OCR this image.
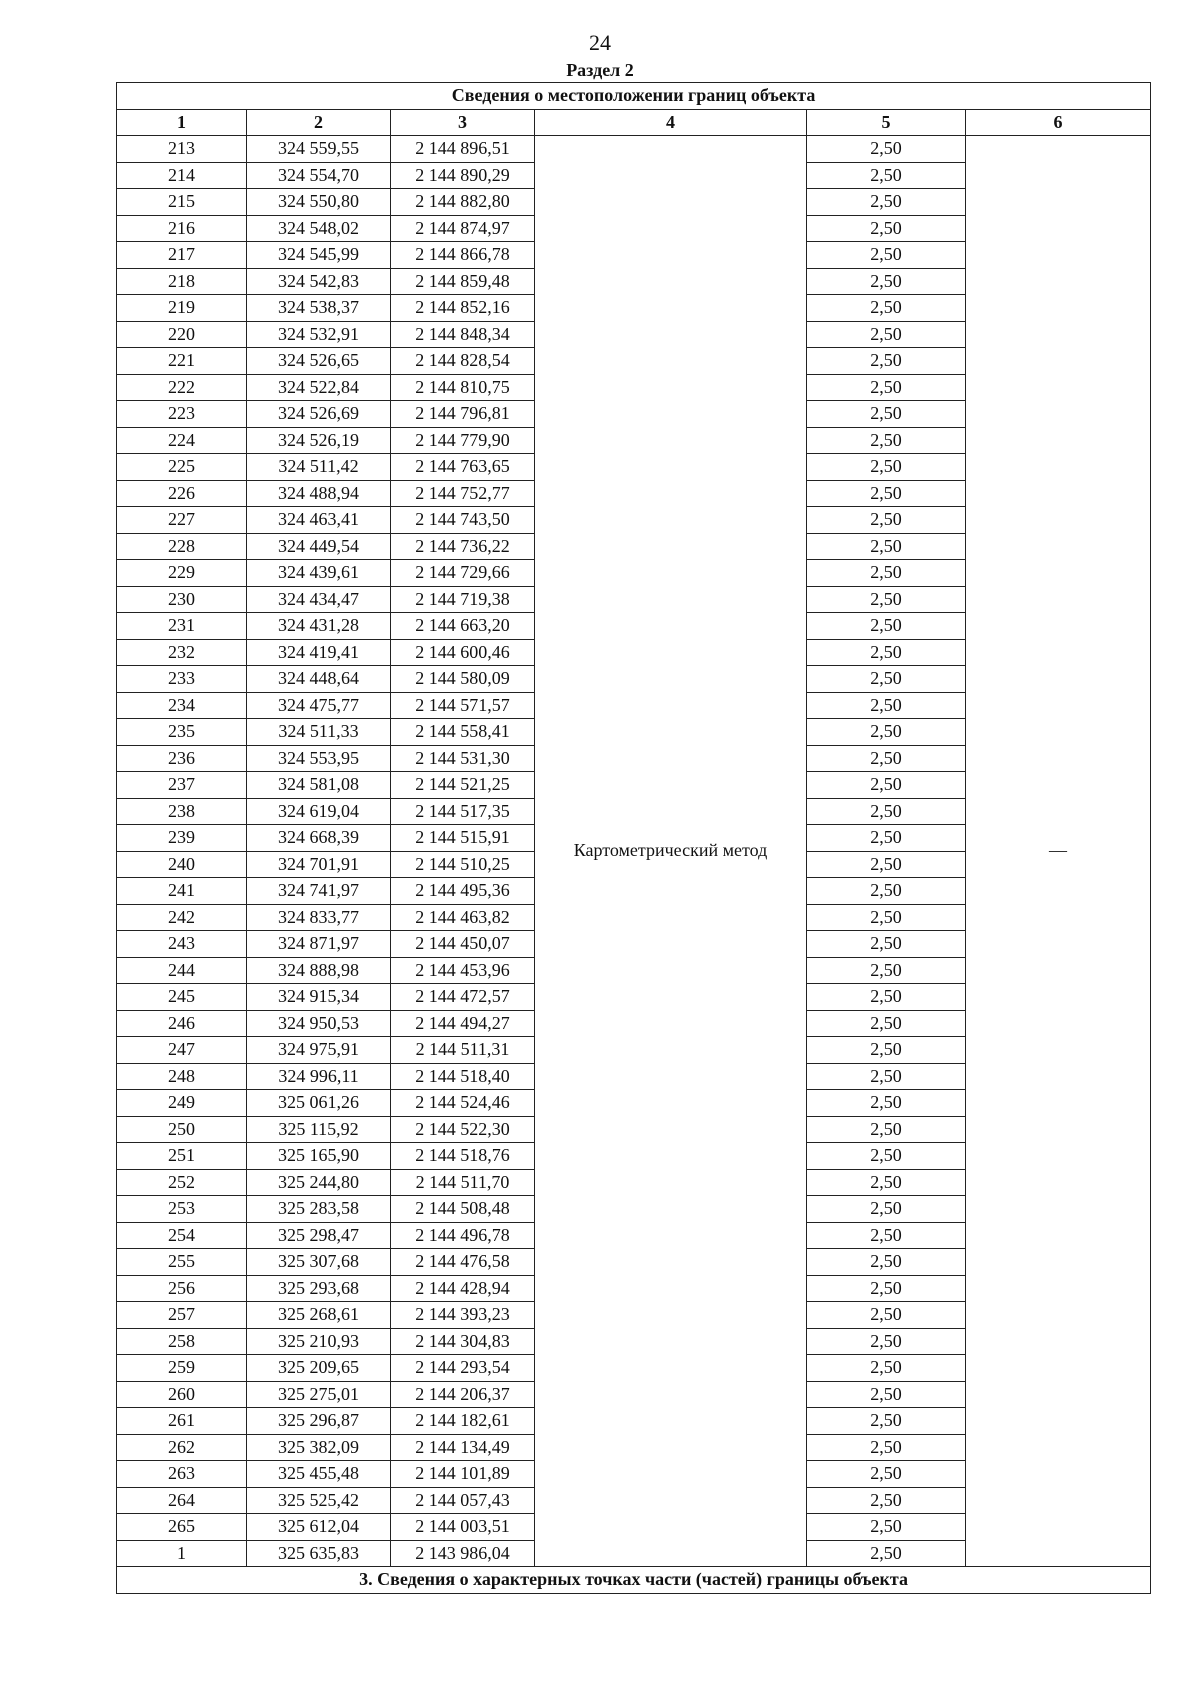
24
Раздел 2
Сведения о местоположении границ объекта					
1	2	3	4	5	6
213	324 559,55	2 144 896,51	Картометрический метод	2,50	—
214	324 554,70	2 144 890,29		2,50	
215	324 550,80	2 144 882,80		2,50	
216	324 548,02	2 144 874,97		2,50	
217	324 545,99	2 144 866,78		2,50	
218	324 542,83	2 144 859,48		2,50	
219	324 538,37	2 144 852,16		2,50	
220	324 532,91	2 144 848,34		2,50	
221	324 526,65	2 144 828,54		2,50	
222	324 522,84	2 144 810,75		2,50	
223	324 526,69	2 144 796,81		2,50	
224	324 526,19	2 144 779,90		2,50	
225	324 511,42	2 144 763,65		2,50	
226	324 488,94	2 144 752,77		2,50	
227	324 463,41	2 144 743,50		2,50	
228	324 449,54	2 144 736,22		2,50	
229	324 439,61	2 144 729,66		2,50	
230	324 434,47	2 144 719,38		2,50	
231	324 431,28	2 144 663,20		2,50	
232	324 419,41	2 144 600,46		2,50	
233	324 448,64	2 144 580,09		2,50	
234	324 475,77	2 144 571,57		2,50	
235	324 511,33	2 144 558,41		2,50	
236	324 553,95	2 144 531,30		2,50	
237	324 581,08	2 144 521,25		2,50	
238	324 619,04	2 144 517,35		2,50	
239	324 668,39	2 144 515,91		2,50	
240	324 701,91	2 144 510,25		2,50	
241	324 741,97	2 144 495,36		2,50	
242	324 833,77	2 144 463,82		2,50	
243	324 871,97	2 144 450,07		2,50	
244	324 888,98	2 144 453,96		2,50	
245	324 915,34	2 144 472,57		2,50	
246	324 950,53	2 144 494,27		2,50	
247	324 975,91	2 144 511,31		2,50	
248	324 996,11	2 144 518,40		2,50	
249	325 061,26	2 144 524,46		2,50	
250	325 115,92	2 144 522,30		2,50	
251	325 165,90	2 144 518,76		2,50	
252	325 244,80	2 144 511,70		2,50	
253	325 283,58	2 144 508,48		2,50	
254	325 298,47	2 144 496,78		2,50	
255	325 307,68	2 144 476,58		2,50	
256	325 293,68	2 144 428,94		2,50	
257	325 268,61	2 144 393,23		2,50	
258	325 210,93	2 144 304,83		2,50	
259	325 209,65	2 144 293,54		2,50	
260	325 275,01	2 144 206,37		2,50	
261	325 296,87	2 144 182,61		2,50	
262	325 382,09	2 144 134,49		2,50	
263	325 455,48	2 144 101,89		2,50	
264	325 525,42	2 144 057,43		2,50	
265	325 612,04	2 144 003,51		2,50	
1	325 635,83	2 143 986,04		2,50	
3. Сведения о характерных точках части (частей) границы объекта					
